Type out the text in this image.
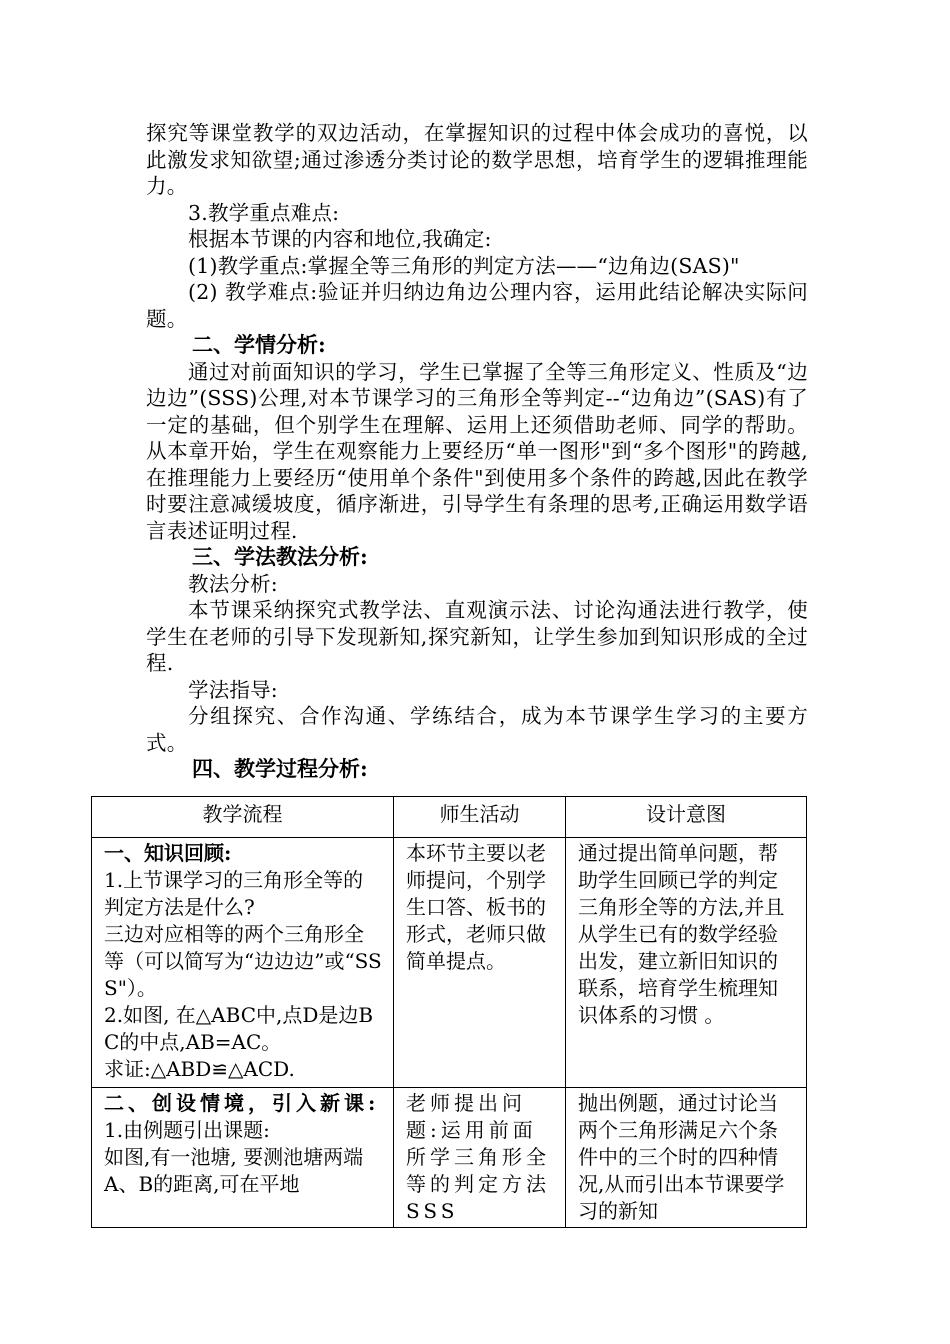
探究等课堂教学的双边活动，在掌握知识的过程中体会成功的喜悦，以此激发求知欲望;通过渗透分类讨论的数学思想，培育学生的逻辑推理能力。

3.教学重点难点:

根据本节课的内容和地位,我确定:

(1)教学重点:掌握全等三角形的判定方法——“边角边(SAS)"

(2) 教学难点:验证并归纳边角边公理内容，运用此结论解决实际问题。

二、学情分析:

通过对前面知识的学习，学生已掌握了全等三角形定义、性质及“边边边”(SSS)公理,对本节课学习的三角形全等判定--“边角边”(SAS)有了一定的基础，但个别学生在理解、运用上还须借助老师、同学的帮助。从本章开始，学生在观察能力上要经历“单一图形"到“多个图形"的跨越,在推理能力上要经历“使用单个条件"到使用多个条件的跨越,因此在教学时要注意减缓坡度，循序渐进，引导学生有条理的思考,正确运用数学语言表述证明过程.

三、学法教法分析:

教法分析:

本节课采纳探究式教学法、直观演示法、讨论沟通法进行教学，使学生在老师的引导下发现新知,探究新知，让学生参加到知识形成的全过程.

学法指导:

分组探究、合作沟通、学练结合，成为本节课学生学习的主要方式。

四、教学过程分析:

教学流程	师生活动	设计意图

一、知识回顾:
1.上节课学习的三角形全等的判定方法是什么?
三边对应相等的两个三角形全等（可以简写为“边边边”或“SSS"）。
2.如图, 在△ABC中,点D是边BC的中点,AB=AC。
求证:△ABD≌△ACD.	本环节主要以老师提问，个别学生口答、板书的形式，老师只做简单提点。	通过提出简单问题，帮助学生回顾已学的判定三角形全等的方法,并且从学生已有的数学经验出发，建立新旧知识的联系，培育学生梳理知识体系的习惯 。

二、创设情境，引入新课:
1.由例题引出课题:
如图,有一池塘, 要测池塘两端A、B的距离,可在平地	老师提出问题:运用前面所学三角形全等的判定方法SSS	抛出例题，通过讨论当两个三角形满足六个条件中的三个时的四种情况,从而引出本节课要学习的新知
